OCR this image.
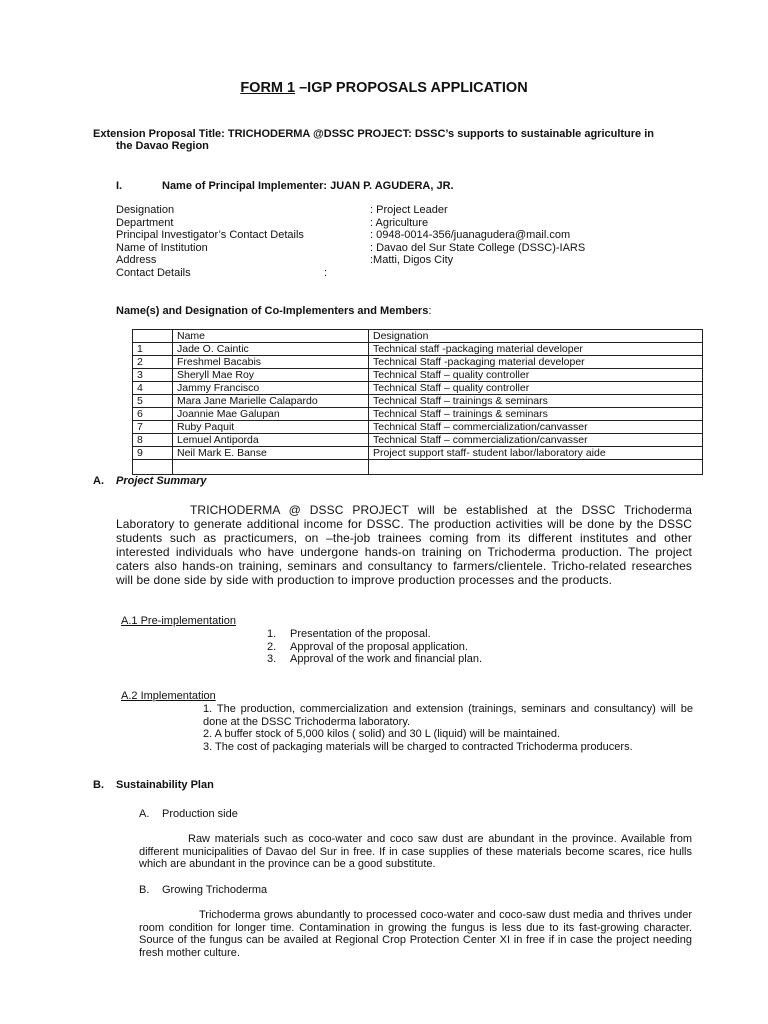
FORM 1 –IGP PROPOSALS APPLICATION
Extension Proposal Title: TRICHODERMA @DSSC PROJECT: DSSC’s supports to sustainable agriculture in
the Davao Region
I.	Name of Principal Implementer: JUAN P. AGUDERA, JR.
Designation	: Project Leader
Department	: Agriculture
Principal Investigator’s Contact Details	: 0948-0014-356/juanagudera@mail.com
Name of Institution	: Davao del Sur State College (DSSC)-IARS
Address	:Matti, Digos City
Contact Details	:
Name(s) and Designation of Co-Implementers and Members:
	Name	Designation
1	Jade O. Caintic	Technical staff -packaging material developer
2	Freshmel Bacabis	Technical Staff -packaging material developer
3	Sheryll Mae Roy	Technical Staff – quality controller
4	Jammy Francisco	Technical Staff – quality controller
5	Mara Jane Marielle Calapardo	Technical Staff – trainings & seminars
6	Joannie Mae Galupan	Technical Staff – trainings & seminars
7	Ruby Paquit	Technical Staff – commercialization/canvasser
8	Lemuel Antiporda	Technical Staff – commercialization/canvasser
9	Neil Mark E. Banse	Project support staff- student labor/laboratory aide

A. Project Summary
TRICHODERMA @ DSSC PROJECT will be established at the DSSC Trichoderma Laboratory to generate additional income for DSSC. The production activities will be done by the DSSC students such as practicumers, on –the-job trainees coming from its different institutes and other interested individuals who have undergone hands-on training on Trichoderma production. The project caters also hands-on training, seminars and consultancy to farmers/clientele. Tricho-related researches will be done side by side with production to improve production processes and the products.
A.1 Pre-implementation
1. Presentation of the proposal.
2. Approval of the proposal application.
3. Approval of the work and financial plan.
A.2 Implementation
1. The production, commercialization and extension (trainings, seminars and consultancy) will be done at the DSSC Trichoderma laboratory.
2. A buffer stock of 5,000 kilos ( solid) and 30 L (liquid) will be maintained.
3. The cost of packaging materials will be charged to contracted Trichoderma producers.
B. Sustainability Plan
A. Production side
Raw materials such as coco-water and coco saw dust are abundant in the province. Available from different municipalities of Davao del Sur in free. If in case supplies of these materials become scares, rice hulls which are abundant in the province can be a good substitute.
B. Growing Trichoderma
Trichoderma grows abundantly to processed coco-water and coco-saw dust media and thrives under room condition for longer time. Contamination in growing the fungus is less due to its fast-growing character. Source of the fungus can be availed at Regional Crop Protection Center XI in free if in case the project needing fresh mother culture.
